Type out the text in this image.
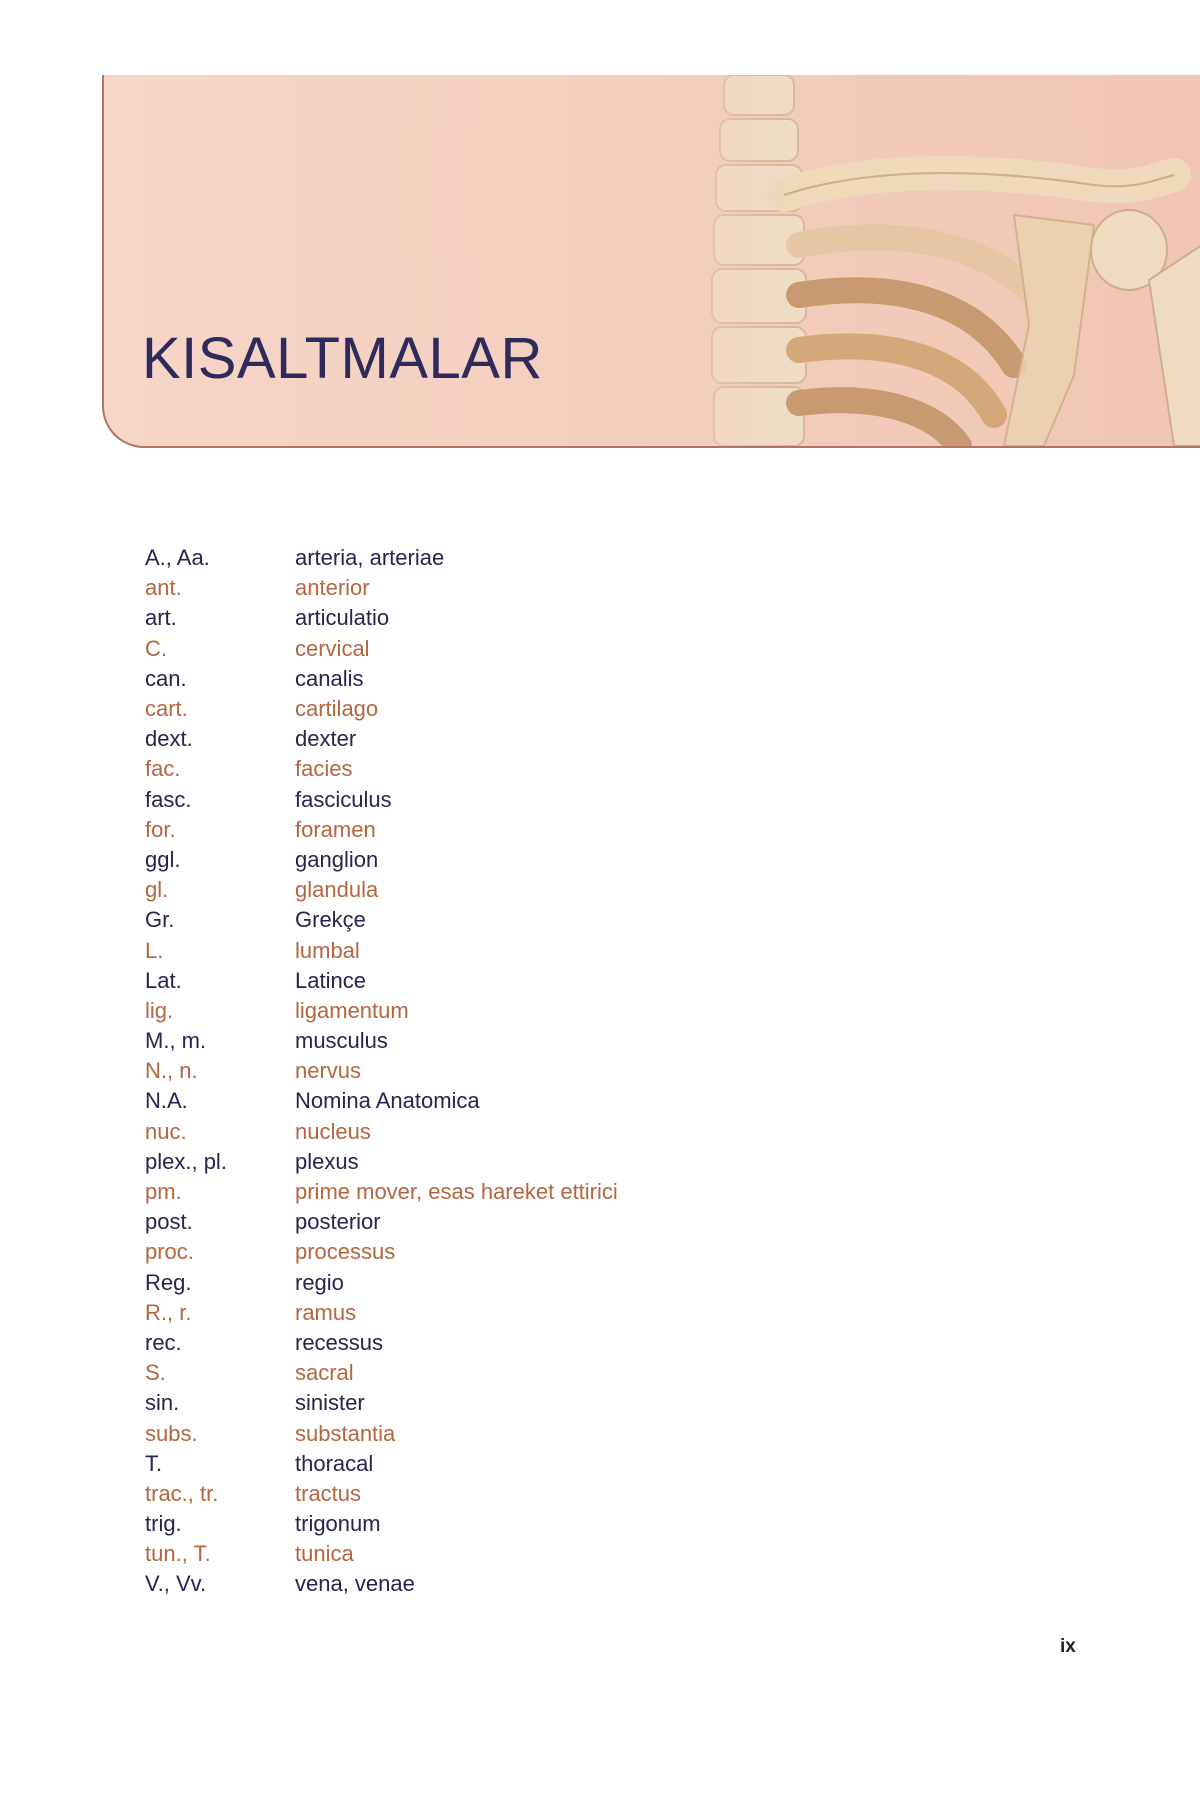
KISALTMALAR
A., Aa.	arteria, arteriae
ant.	anterior
art.	articulatio
C.	cervical
can.	canalis
cart.	cartilago
dext.	dexter
fac.	facies
fasc.	fasciculus
for.	foramen
ggl.	ganglion
gl.	glandula
Gr.	Grekçe
L.	lumbal
Lat.	Latince
lig.	ligamentum
M., m.	musculus
N., n.	nervus
N.A.	Nomina Anatomica
nuc.	nucleus
plex., pl.	plexus
pm.	prime mover, esas hareket ettirici
post.	posterior
proc.	processus
Reg.	regio
R., r.	ramus
rec.	recessus
S.	sacral
sin.	sinister
subs.	substantia
T.	thoracal
trac., tr.	tractus
trig.	trigonum
tun., T.	tunica
V., Vv.	vena, venae
ix
